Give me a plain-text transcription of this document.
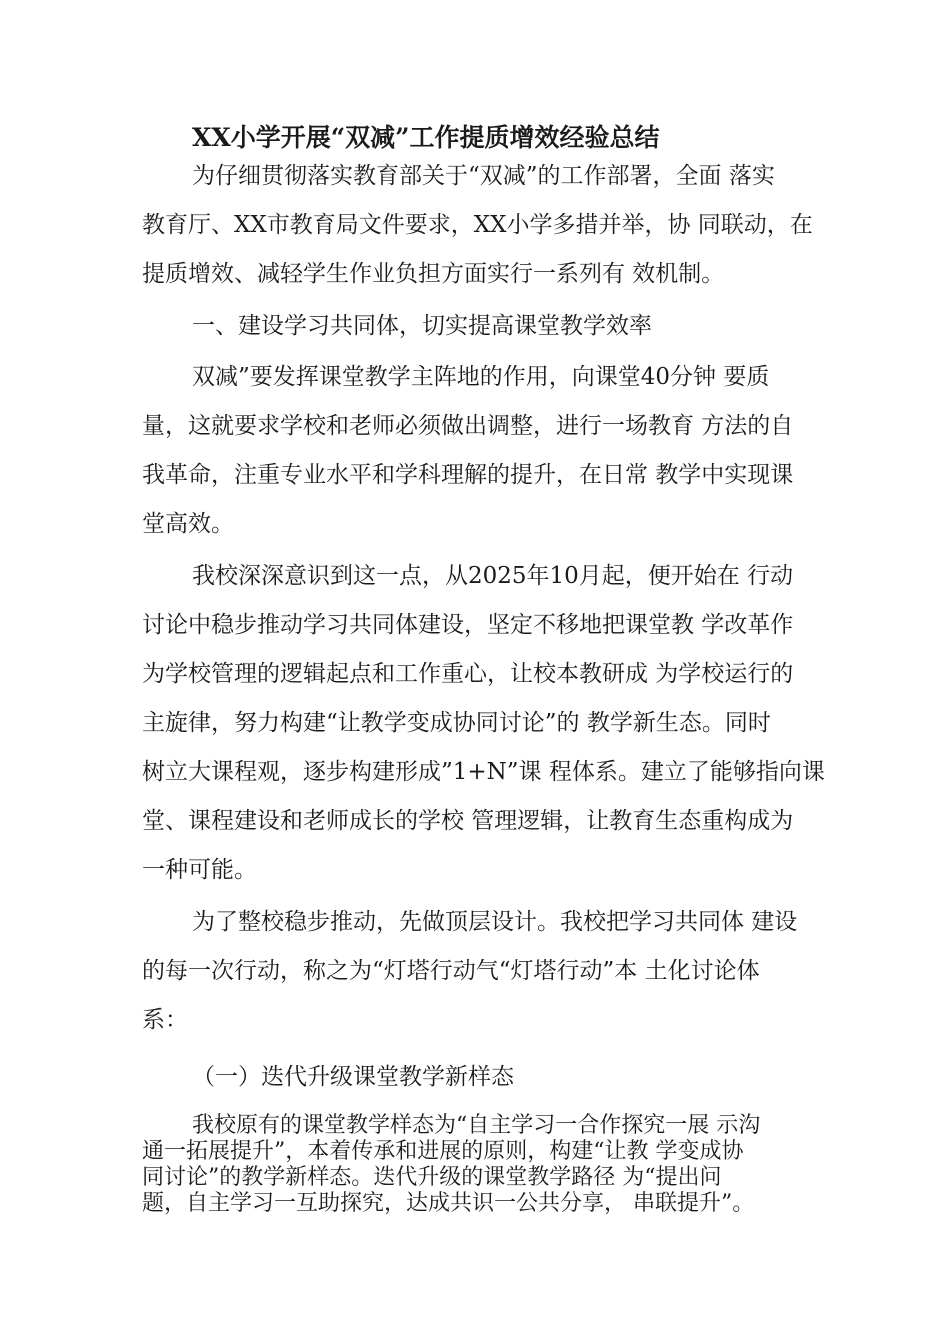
XX小学开展“双减”工作提质增效经验总结

为仔细贯彻落实教育部关于“双减”的工作部署，全面 落实

教育厅、XX市教育局文件要求，XX小学多措并举，协 同联动，在

提质增效、减轻学生作业负担方面实行一系列有 效机制。

一、建设学习共同体，切实提高课堂教学效率

双减”要发挥课堂教学主阵地的作用，向课堂40分钟 要质

量，这就要求学校和老师必须做出调整，进行一场教育 方法的自

我革命，注重专业水平和学科理解的提升，在日常 教学中实现课

堂高效。

我校深深意识到这一点，从2025年10月起，便开始在 行动

讨论中稳步推动学习共同体建设，坚定不移地把课堂教 学改革作

为学校管理的逻辑起点和工作重心，让校本教研成 为学校运行的

主旋律，努力构建“让教学变成协同讨论”的 教学新生态。同时

树立大课程观，逐步构建形成”1+N”课 程体系。建立了能够指向课

堂、课程建设和老师成长的学校 管理逻辑，让教育生态重构成为

一种可能。

为了整校稳步推动，先做顶层设计。我校把学习共同体 建设

的每一次行动，称之为“灯塔行动气“灯塔行动”本 土化讨论体

系：

（一）迭代升级课堂教学新样态

我校原有的课堂教学样态为“自主学习一合作探究一展 示沟

通一拓展提升”，本着传承和进展的原则，构建“让教 学变成协

同讨论”的教学新样态。迭代升级的课堂教学路径 为“提出问

题，自主学习一互助探究，达成共识一公共分享， 串联提升”。
